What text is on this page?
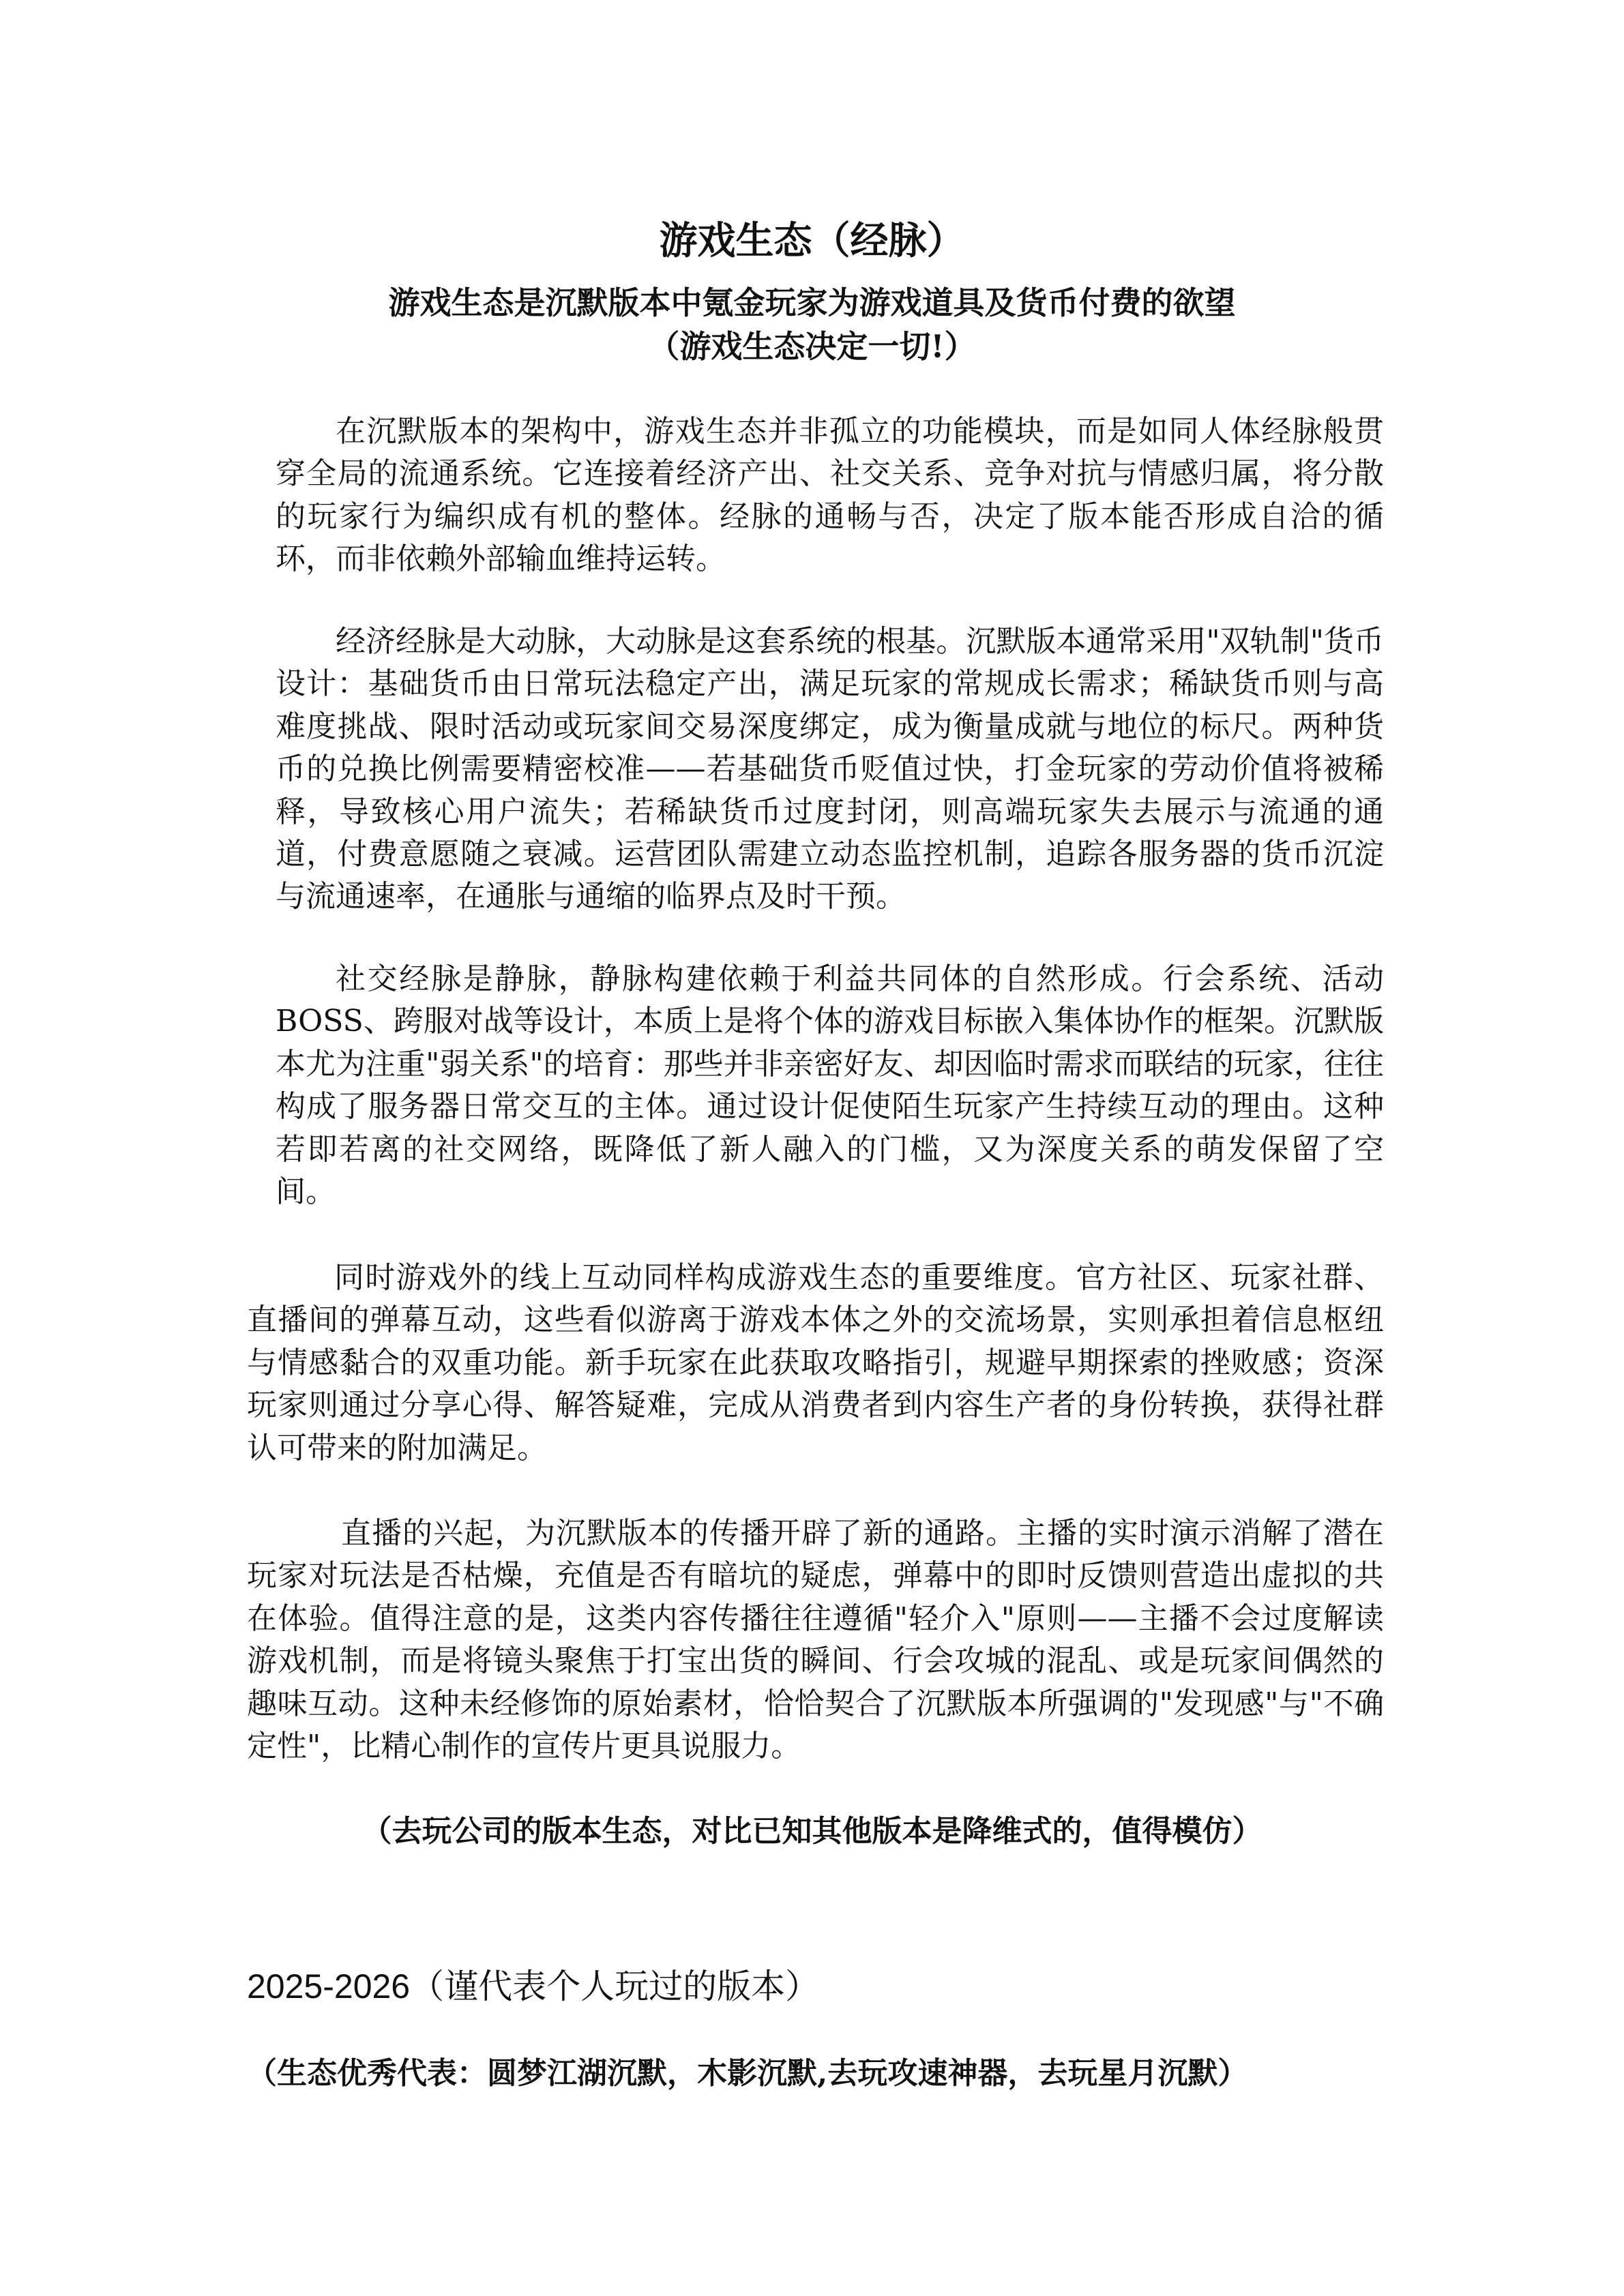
游戏生态（经脉）

游戏生态是沉默版本中氪金玩家为游戏道具及货币付费的欲望

（游戏生态决定一切!）

在沉默版本的架构中，游戏生态并非孤立的功能模块，而是如同人体经脉般贯穿全局的流通系统。它连接着经济产出、社交关系、竞争对抗与情感归属，将分散的玩家行为编织成有机的整体。经脉的通畅与否，决定了版本能否形成自洽的循环，而非依赖外部输血维持运转。

经济经脉是大动脉，大动脉是这套系统的根基。沉默版本通常采用"双轨制"货币设计：基础货币由日常玩法稳定产出，满足玩家的常规成长需求；稀缺货币则与高难度挑战、限时活动或玩家间交易深度绑定，成为衡量成就与地位的标尺。两种货币的兑换比例需要精密校准——若基础货币贬值过快，打金玩家的劳动价值将被稀释，导致核心用户流失；若稀缺货币过度封闭，则高端玩家失去展示与流通的通道，付费意愿随之衰减。运营团队需建立动态监控机制，追踪各服务器的货币沉淀与流通速率，在通胀与通缩的临界点及时干预。

社交经脉是静脉，静脉构建依赖于利益共同体的自然形成。行会系统、活动 BOSS、跨服对战等设计，本质上是将个体的游戏目标嵌入集体协作的框架。沉默版本尤为注重"弱关系"的培育：那些并非亲密好友、却因临时需求而联结的玩家，往往构成了服务器日常交互的主体。通过设计促使陌生玩家产生持续互动的理由。这种若即若离的社交网络，既降低了新人融入的门槛，又为深度关系的萌发保留了空间。

同时游戏外的线上互动同样构成游戏生态的重要维度。官方社区、玩家社群、直播间的弹幕互动，这些看似游离于游戏本体之外的交流场景，实则承担着信息枢纽与情感黏合的双重功能。新手玩家在此获取攻略指引，规避早期探索的挫败感；资深玩家则通过分享心得、解答疑难，完成从消费者到内容生产者的身份转换，获得社群认可带来的附加满足。

直播的兴起，为沉默版本的传播开辟了新的通路。主播的实时演示消解了潜在玩家对玩法是否枯燥，充值是否有暗坑的疑虑，弹幕中的即时反馈则营造出虚拟的共在体验。值得注意的是，这类内容传播往往遵循"轻介入"原则——主播不会过度解读游戏机制，而是将镜头聚焦于打宝出货的瞬间、行会攻城的混乱、或是玩家间偶然的趣味互动。这种未经修饰的原始素材，恰恰契合了沉默版本所强调的"发现感"与"不确定性"，比精心制作的宣传片更具说服力。

（去玩公司的版本生态，对比已知其他版本是降维式的，值得模仿）

2025-2026（谨代表个人玩过的版本）

（生态优秀代表：圆梦江湖沉默，木影沉默,去玩攻速神器，去玩星月沉默）
